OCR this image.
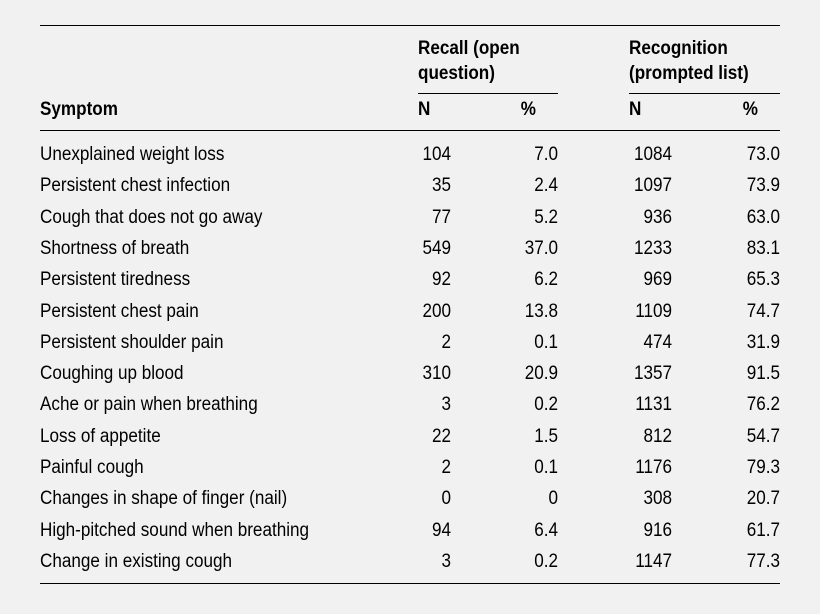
Recall (open
question)
Recognition
(prompted list)
Symptom	N	%	N	%
Unexplained weight loss	104	7.0	1084	73.0
Persistent chest infection	35	2.4	1097	73.9
Cough that does not go away	77	5.2	936	63.0
Shortness of breath	549	37.0	1233	83.1
Persistent tiredness	92	6.2	969	65.3
Persistent chest pain	200	13.8	1109	74.7
Persistent shoulder pain	2	0.1	474	31.9
Coughing up blood	310	20.9	1357	91.5
Ache or pain when breathing	3	0.2	1131	76.2
Loss of appetite	22	1.5	812	54.7
Painful cough	2	0.1	1176	79.3
Changes in shape of finger (nail)	0	0	308	20.7
High-pitched sound when breathing	94	6.4	916	61.7
Change in existing cough	3	0.2	1147	77.3
